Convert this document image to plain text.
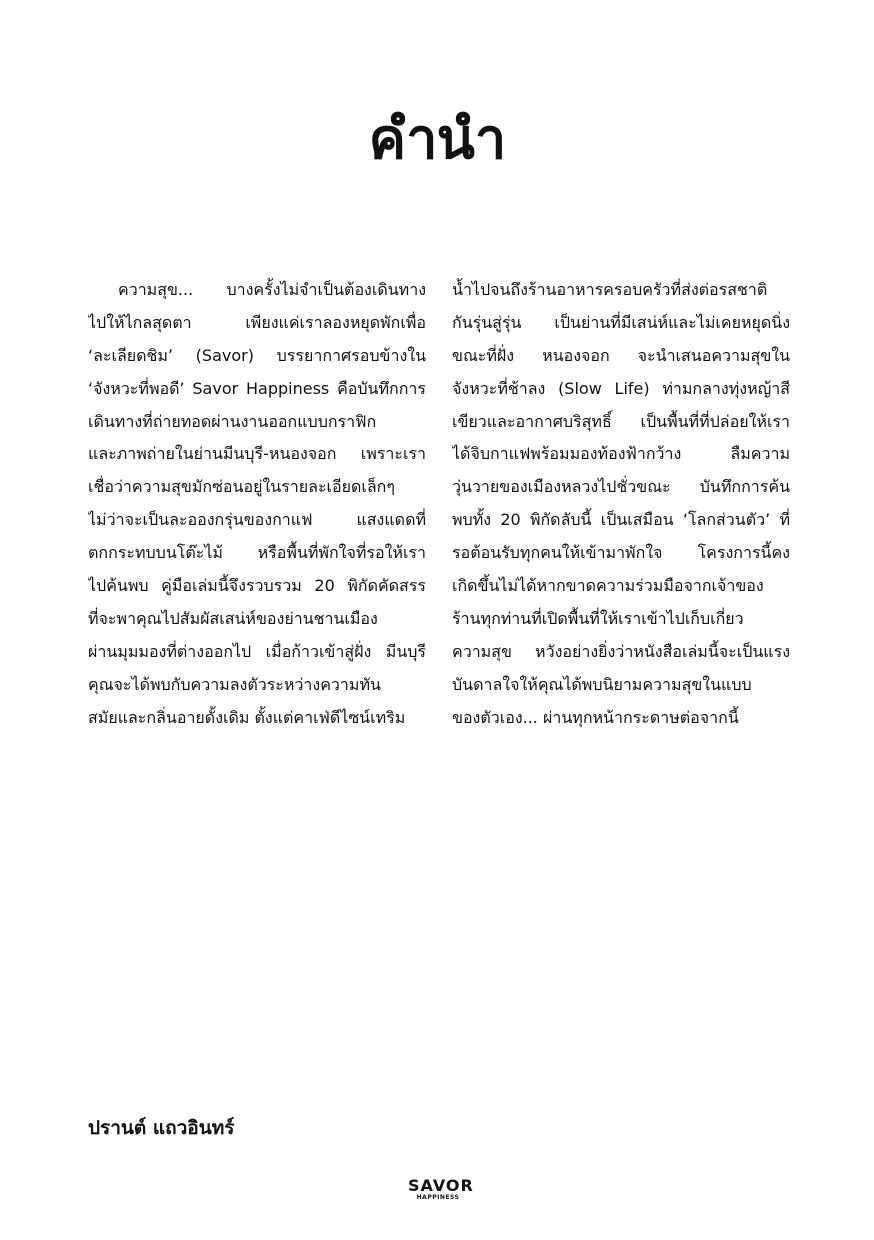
คำนำ
ความสุข... บางครั้งไม่จำเป็นต้องเดินทาง
ไปให้ไกลสุดตา เพียงแค่เราลองหยุดพักเพื่อ
‘ละเลียดชิม’ (Savor) บรรยากาศรอบข้างใน
‘จังหวะที่พอดี’ Savor Happiness คือบันทึกการ
เดินทางที่ถ่ายทอดผ่านงานออกแบบกราฟิก
และภาพถ่ายในย่านมีนบุรี-หนองจอก เพราะเรา
เชื่อว่าความสุขมักซ่อนอยู่ในรายละเอียดเล็กๆ
ไม่ว่าจะเป็นละอองกรุ่นของกาแฟ แสงแดดที่
ตกกระทบบนโต๊ะไม้ หรือพื้นที่พักใจที่รอให้เรา
ไปค้นพบ คู่มือเล่มนี้จึงรวบรวม 20 พิกัดคัดสรร
ที่จะพาคุณไปสัมผัสเสน่ห์ของย่านชานเมือง
ผ่านมุมมองที่ต่างออกไป เมื่อก้าวเข้าสู่ฝั่ง มีนบุรี
คุณจะได้พบกับความลงตัวระหว่างความทัน
สมัยและกลิ่นอายดั้งเดิม ตั้งแต่คาเฟ่ดีไซน์เทริม
น้ำไปจนถึงร้านอาหารครอบครัวที่ส่งต่อรสชาติ
กันรุ่นสู่รุ่น เป็นย่านที่มีเสน่ห์และไม่เคยหยุดนิ่ง
ขณะที่ฝั่ง หนองจอก จะนำเสนอความสุขใน
จังหวะที่ช้าลง (Slow Life) ท่ามกลางทุ่งหญ้าสี
เขียวและอากาศบริสุทธิ์ เป็นพื้นที่ที่ปล่อยให้เรา
ได้จิบกาแฟพร้อมมองท้องฟ้ากว้าง ลืมความ
วุ่นวายของเมืองหลวงไปชั่วขณะ บันทึกการค้น
พบทั้ง 20 พิกัดลับนี้ เป็นเสมือน ‘โลกส่วนตัว’ ที่
รอต้อนรับทุกคนให้เข้ามาพักใจ โครงการนี้คง
เกิดขึ้นไม่ได้หากขาดความร่วมมือจากเจ้าของ
ร้านทุกท่านที่เปิดพื้นที่ให้เราเข้าไปเก็บเกี่ยว
ความสุข หวังอย่างยิ่งว่าหนังสือเล่มนี้จะเป็นแรง
บันดาลใจให้คุณได้พบนิยามความสุขในแบบ
ของตัวเอง... ผ่านทุกหน้ากระดาษต่อจากนี้
ปรานต์ แถวอินทร์
SAVOR
HAPPINESS
